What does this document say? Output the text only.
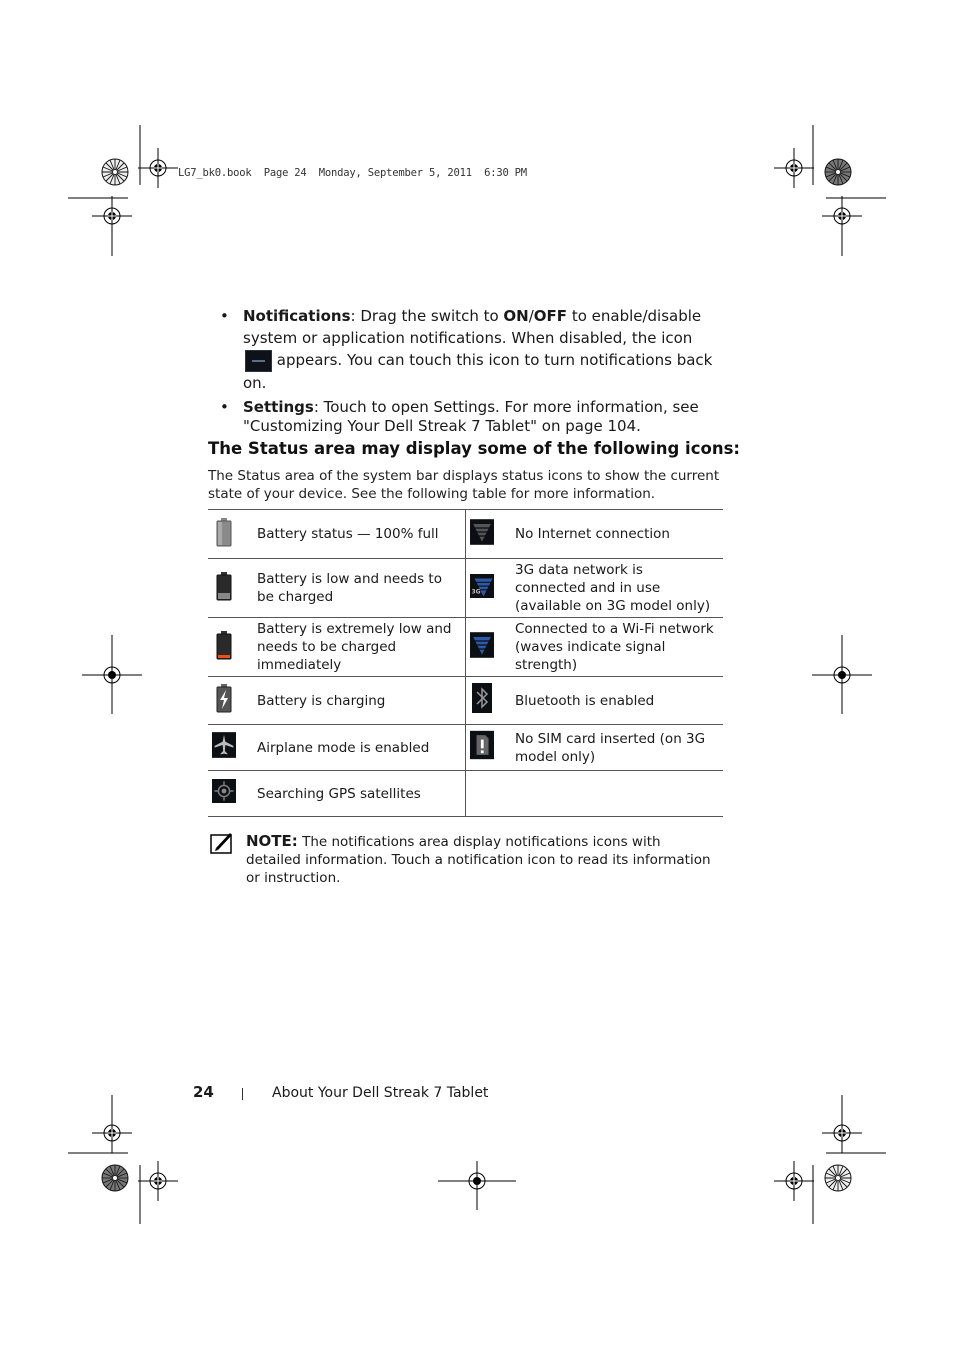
LG7_bk0.book  Page 24  Monday, September 5, 2011  6:30 PM
• Notifications: Drag the switch to ON/OFF to enable/disable system or application notifications. When disabled, the icon  appears. You can touch this icon to turn notifications back on.
• Settings: Touch to open Settings. For more information, see "Customizing Your Dell Streak 7 Tablet" on page 104.
The Status area may display some of the following icons:
The Status area of the system bar displays status icons to show the current state of your device. See the following table for more information.
	Battery status — 100% full		No Internet connection
	Battery is low and needs to be charged	3G	3G data network is connected and in use (available on 3G model only)
	Battery is extremely low and needs to be charged immediately		Connected to a Wi-Fi network (waves indicate signal strength)
	Battery is charging		Bluetooth is enabled
	Airplane mode is enabled		No SIM card inserted (on 3G model only)
	Searching GPS satellites		
NOTE: The notifications area display notifications icons with detailed information. Touch a notification icon to read its information or instruction.
24	About Your Dell Streak 7 Tablet
